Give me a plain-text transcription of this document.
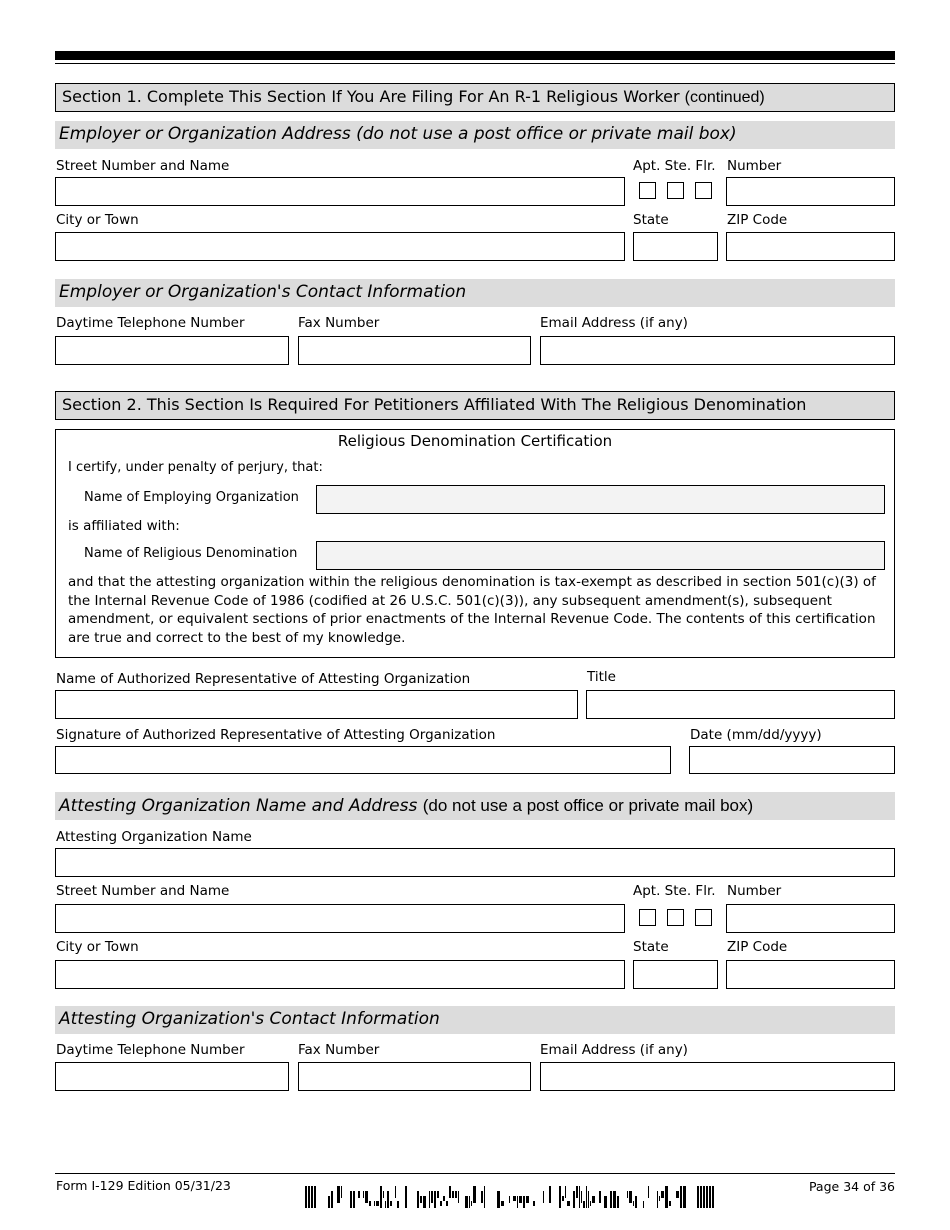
Section 1. Complete This Section If You Are Filing For An R-1 Religious Worker (continued)
Employer or Organization Address (do not use a post office or private mail box)
Street Number and Name	Apt. Ste. Flr. Number
City or Town	State	ZIP Code
Employer or Organization's Contact Information
Daytime Telephone Number	Fax Number	Email Address (if any)
Section 2. This Section Is Required For Petitioners Affiliated With The Religious Denomination
Religious Denomination Certification
I certify, under penalty of perjury, that:
Name of Employing Organization
is affiliated with:
Name of Religious Denomination
and that the attesting organization within the religious denomination is tax-exempt as described in section 501(c)(3) of the Internal Revenue Code of 1986 (codified at 26 U.S.C. 501(c)(3)), any subsequent amendment(s), subsequent amendment, or equivalent sections of prior enactments of the Internal Revenue Code. The contents of this certification are true and correct to the best of my knowledge.
Name of Authorized Representative of Attesting Organization	Title
Signature of Authorized Representative of Attesting Organization	Date (mm/dd/yyyy)
Attesting Organization Name and Address (do not use a post office or private mail box)
Attesting Organization Name
Street Number and Name	Apt. Ste. Flr. Number
City or Town	State	ZIP Code
Attesting Organization's Contact Information
Daytime Telephone Number	Fax Number	Email Address (if any)
Form I-129 Edition 05/31/23	Page 34 of 36
